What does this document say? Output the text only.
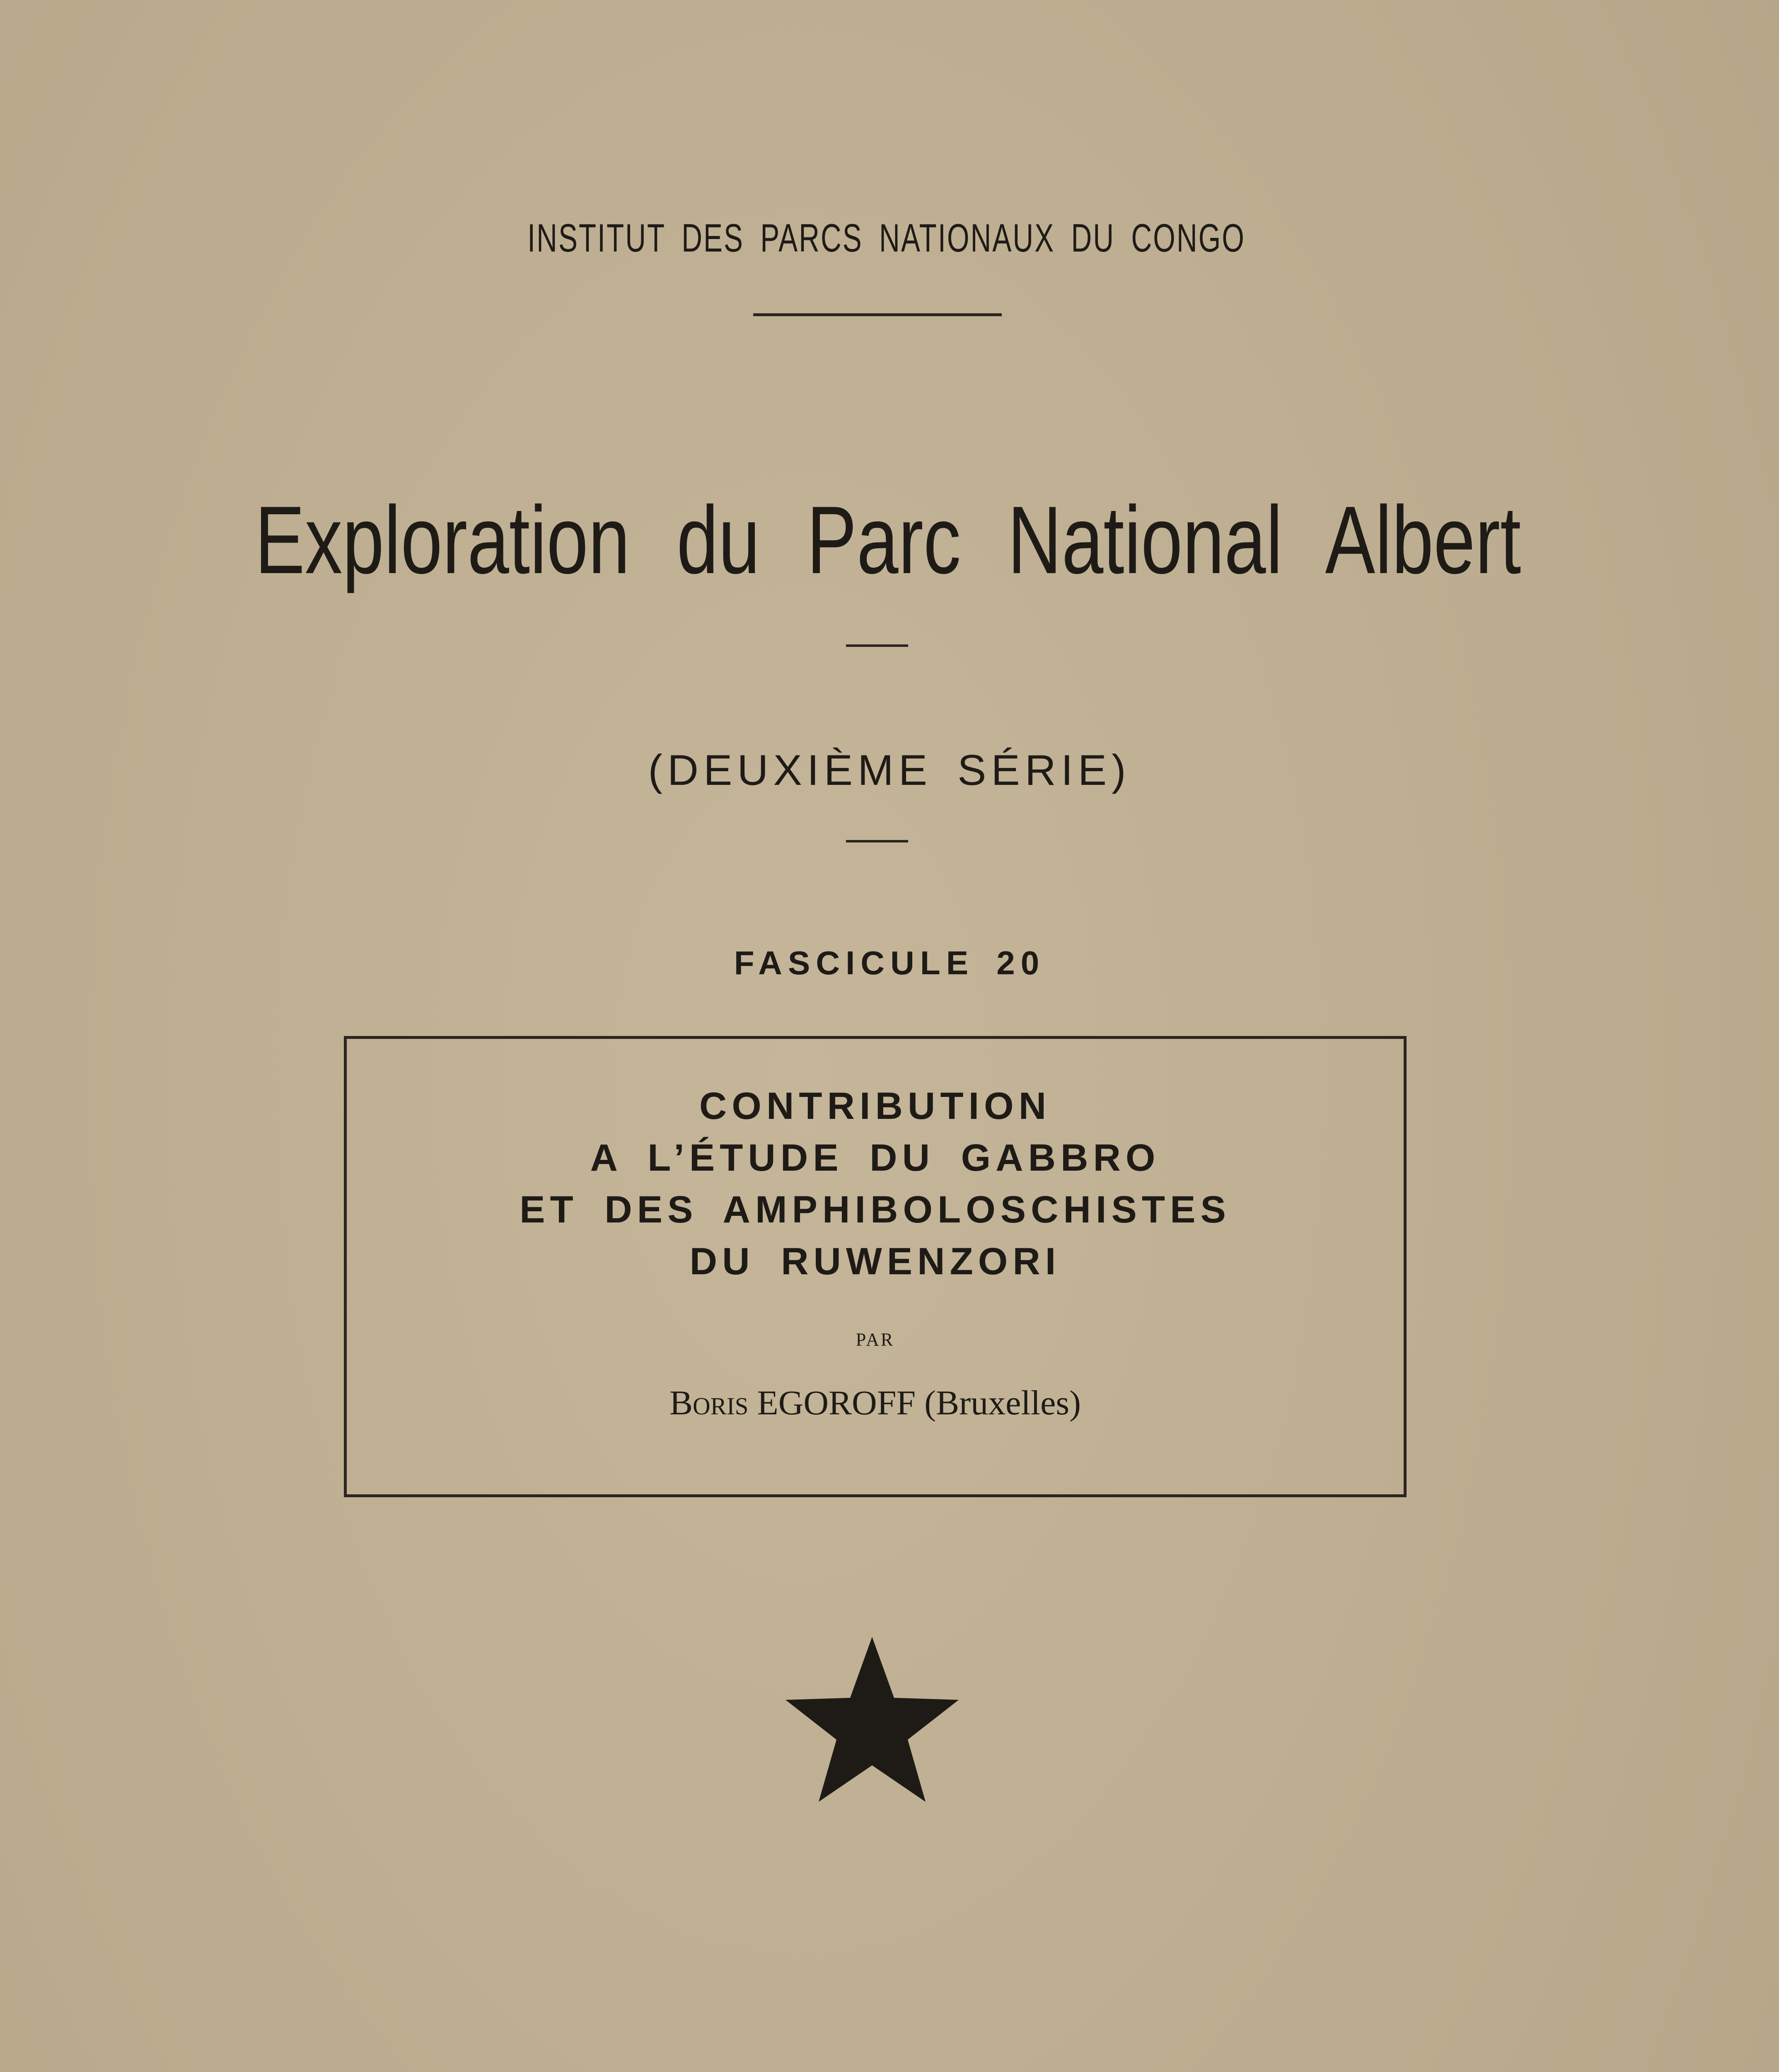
INSTITUT DES PARCS NATIONAUX DU CONGO
Exploration du Parc National Albert
(DEUXIÈME SÉRIE)
FASCICULE 20
CONTRIBUTION
A L’ÉTUDE DU GABBRO
ET DES AMPHIBOLOSCHISTES
DU RUWENZORI
PAR
Boris EGOROFF (Bruxelles)
